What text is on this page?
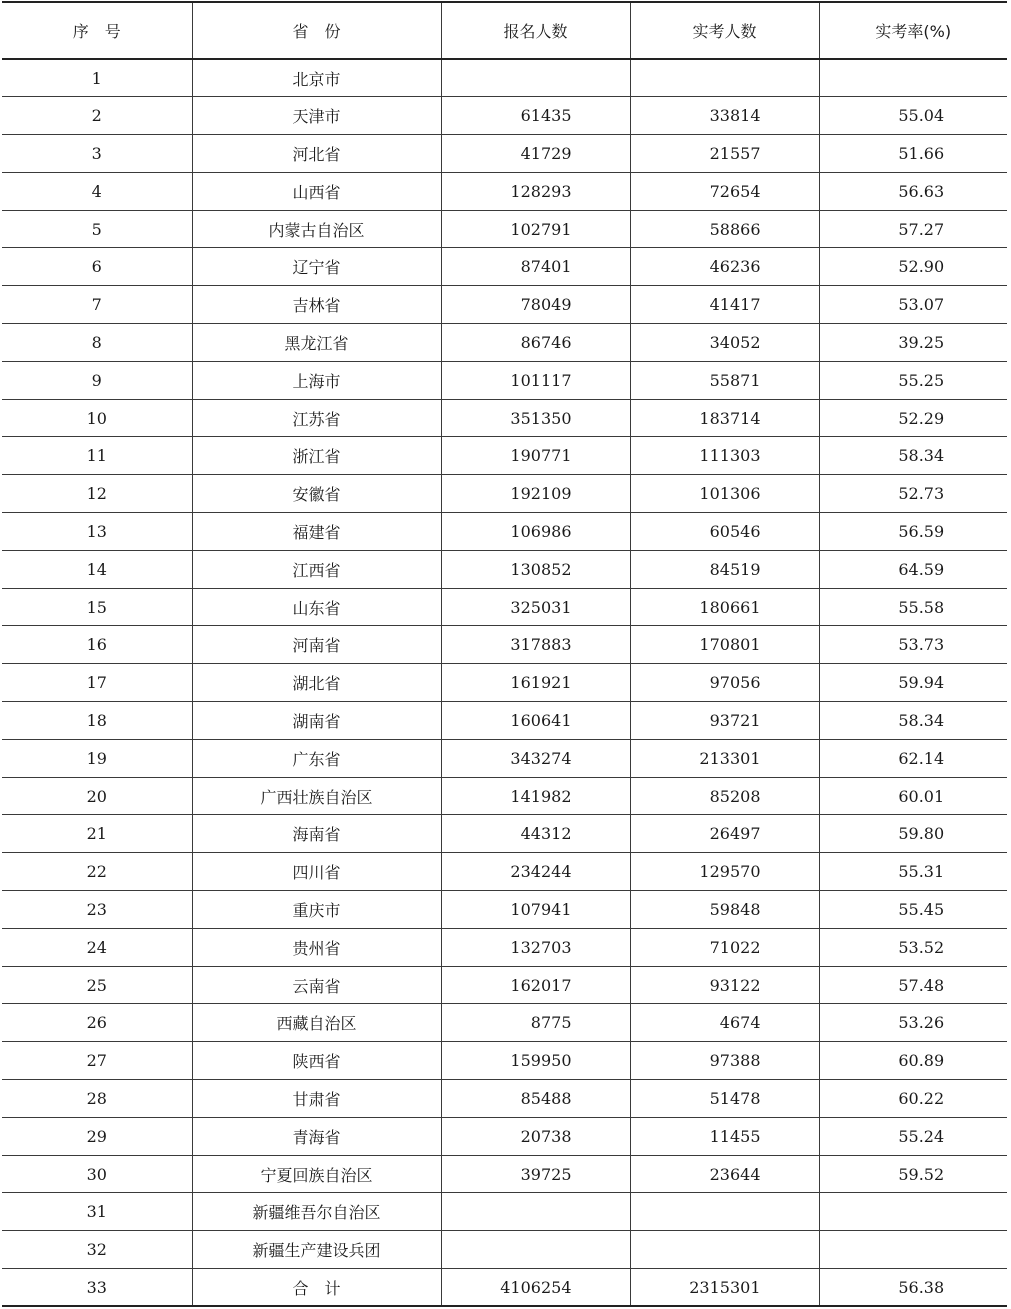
序　号	省　份	报名人数	实考人数	实考率(%)
1	北京市			
2	天津市	61435	33814	55.04
3	河北省	41729	21557	51.66
4	山西省	128293	72654	56.63
5	内蒙古自治区	102791	58866	57.27
6	辽宁省	87401	46236	52.90
7	吉林省	78049	41417	53.07
8	黑龙江省	86746	34052	39.25
9	上海市	101117	55871	55.25
10	江苏省	351350	183714	52.29
11	浙江省	190771	111303	58.34
12	安徽省	192109	101306	52.73
13	福建省	106986	60546	56.59
14	江西省	130852	84519	64.59
15	山东省	325031	180661	55.58
16	河南省	317883	170801	53.73
17	湖北省	161921	97056	59.94
18	湖南省	160641	93721	58.34
19	广东省	343274	213301	62.14
20	广西壮族自治区	141982	85208	60.01
21	海南省	44312	26497	59.80
22	四川省	234244	129570	55.31
23	重庆市	107941	59848	55.45
24	贵州省	132703	71022	53.52
25	云南省	162017	93122	57.48
26	西藏自治区	8775	4674	53.26
27	陕西省	159950	97388	60.89
28	甘肃省	85488	51478	60.22
29	青海省	20738	11455	55.24
30	宁夏回族自治区	39725	23644	59.52
31	新疆维吾尔自治区			
32	新疆生产建设兵团			
33	合　计	4106254	2315301	56.38
